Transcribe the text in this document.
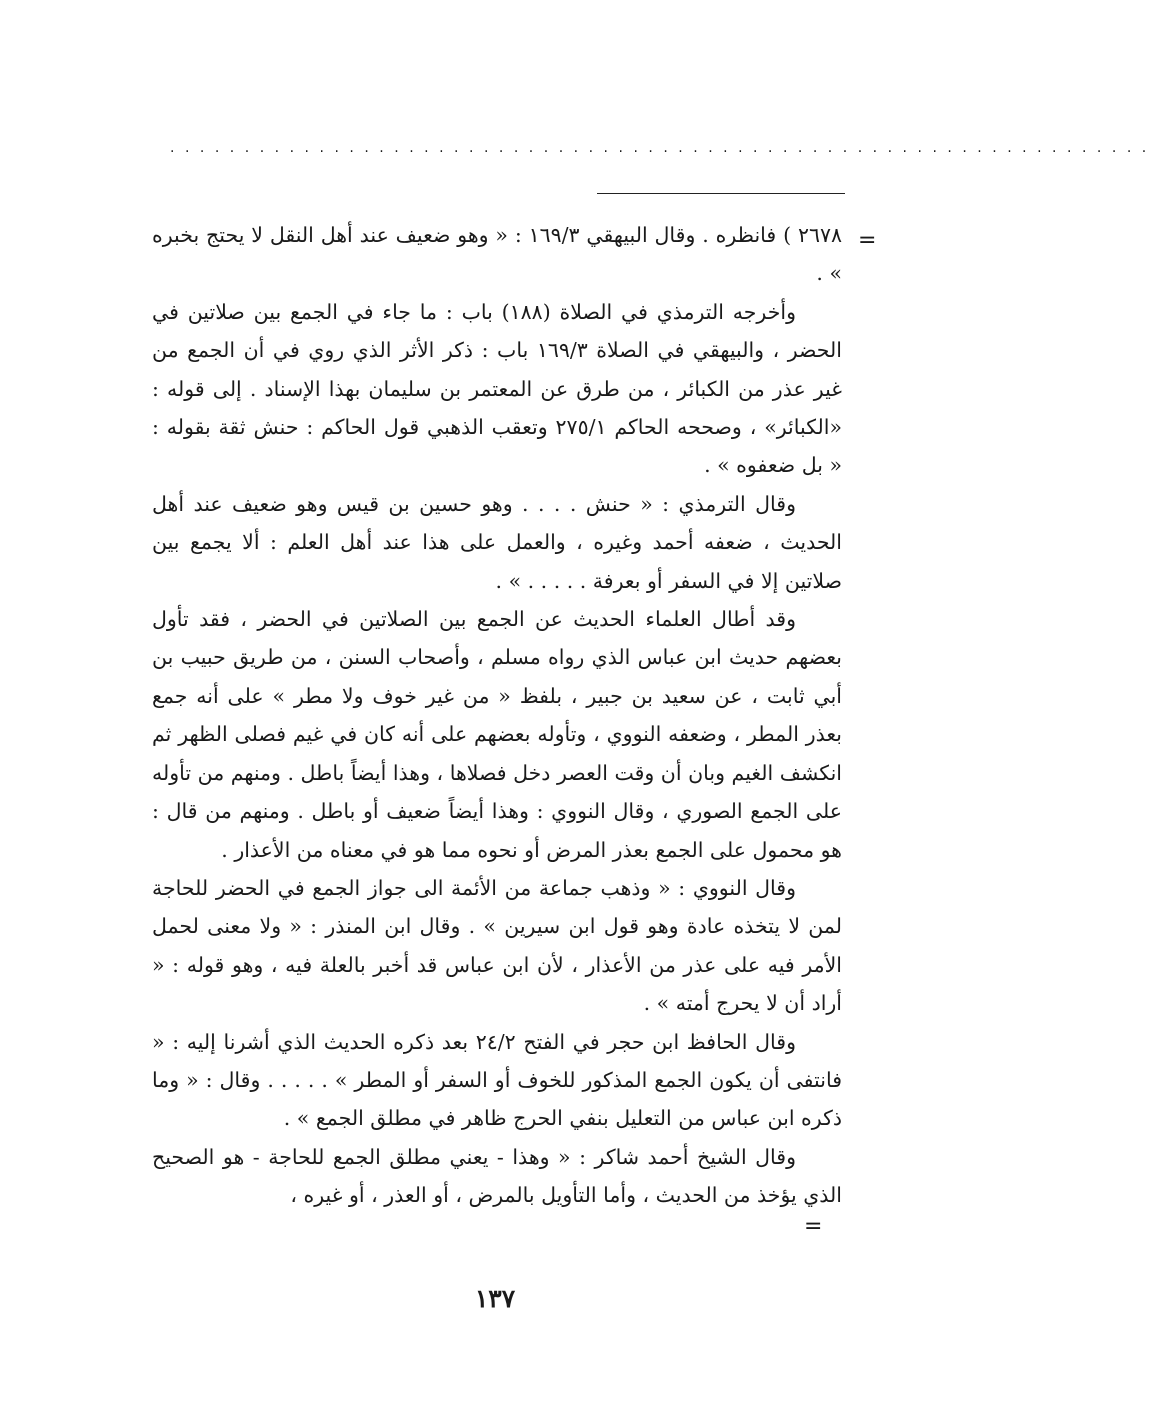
..................................................................
=

٢٦٧٨ ) فانظره . وقال البيهقي ١٦٩/٣ : « وهو ضعيف عند أهل النقل لا يحتج بخبره » .

وأخرجه الترمذي في الصلاة (١٨٨) باب : ما جاء في الجمع بين صلاتين في الحضر ، والبيهقي في الصلاة ١٦٩/٣ باب : ذكر الأثر الذي روي في أن الجمع من غير عذر من الكبائر ، من طرق عن المعتمر بن سليمان بهذا الإسناد . إلى قوله : «الكبائر» ، وصححه الحاكم ٢٧٥/١ وتعقب الذهبي قول الحاكم : حنش ثقة بقوله : « بل ضعفوه » .

وقال الترمذي : « حنش . . . . وهو حسين بن قيس وهو ضعيف عند أهل الحديث ، ضعفه أحمد وغيره ، والعمل على هذا عند أهل العلم : ألا يجمع بين صلاتين إلا في السفر أو بعرفة . . . . . » .

وقد أطال العلماء الحديث عن الجمع بين الصلاتين في الحضر ، فقد تأول بعضهم حديث ابن عباس الذي رواه مسلم ، وأصحاب السنن ، من طريق حبيب بن أبي ثابت ، عن سعيد بن جبير ، بلفظ « من غير خوف ولا مطر » على أنه جمع بعذر المطر ، وضعفه النووي ، وتأوله بعضهم على أنه كان في غيم فصلى الظهر ثم انكشف الغيم وبان أن وقت العصر دخل فصلاها ، وهذا أيضاً باطل . ومنهم من تأوله على الجمع الصوري ، وقال النووي : وهذا أيضاً ضعيف أو باطل . ومنهم من قال : هو محمول على الجمع بعذر المرض أو نحوه مما هو في معناه من الأعذار .

وقال النووي : « وذهب جماعة من الأئمة الى جواز الجمع في الحضر للحاجة لمن لا يتخذه عادة وهو قول ابن سيرين » . وقال ابن المنذر : « ولا معنى لحمل الأمر فيه على عذر من الأعذار ، لأن ابن عباس قد أخبر بالعلة فيه ، وهو قوله : « أراد أن لا يحرج أمته » .

وقال الحافظ ابن حجر في الفتح ٢٤/٢ بعد ذكره الحديث الذي أشرنا إليه : « فانتفى أن يكون الجمع المذكور للخوف أو السفر أو المطر » . . . . . وقال : « وما ذكره ابن عباس من التعليل بنفي الحرج ظاهر في مطلق الجمع » .

وقال الشيخ أحمد شاكر : « وهذا - يعني مطلق الجمع للحاجة - هو الصحيح الذي يؤخذ من الحديث ، وأما التأويل بالمرض ، أو العذر ، أو غيره ،

=
١٣٧
